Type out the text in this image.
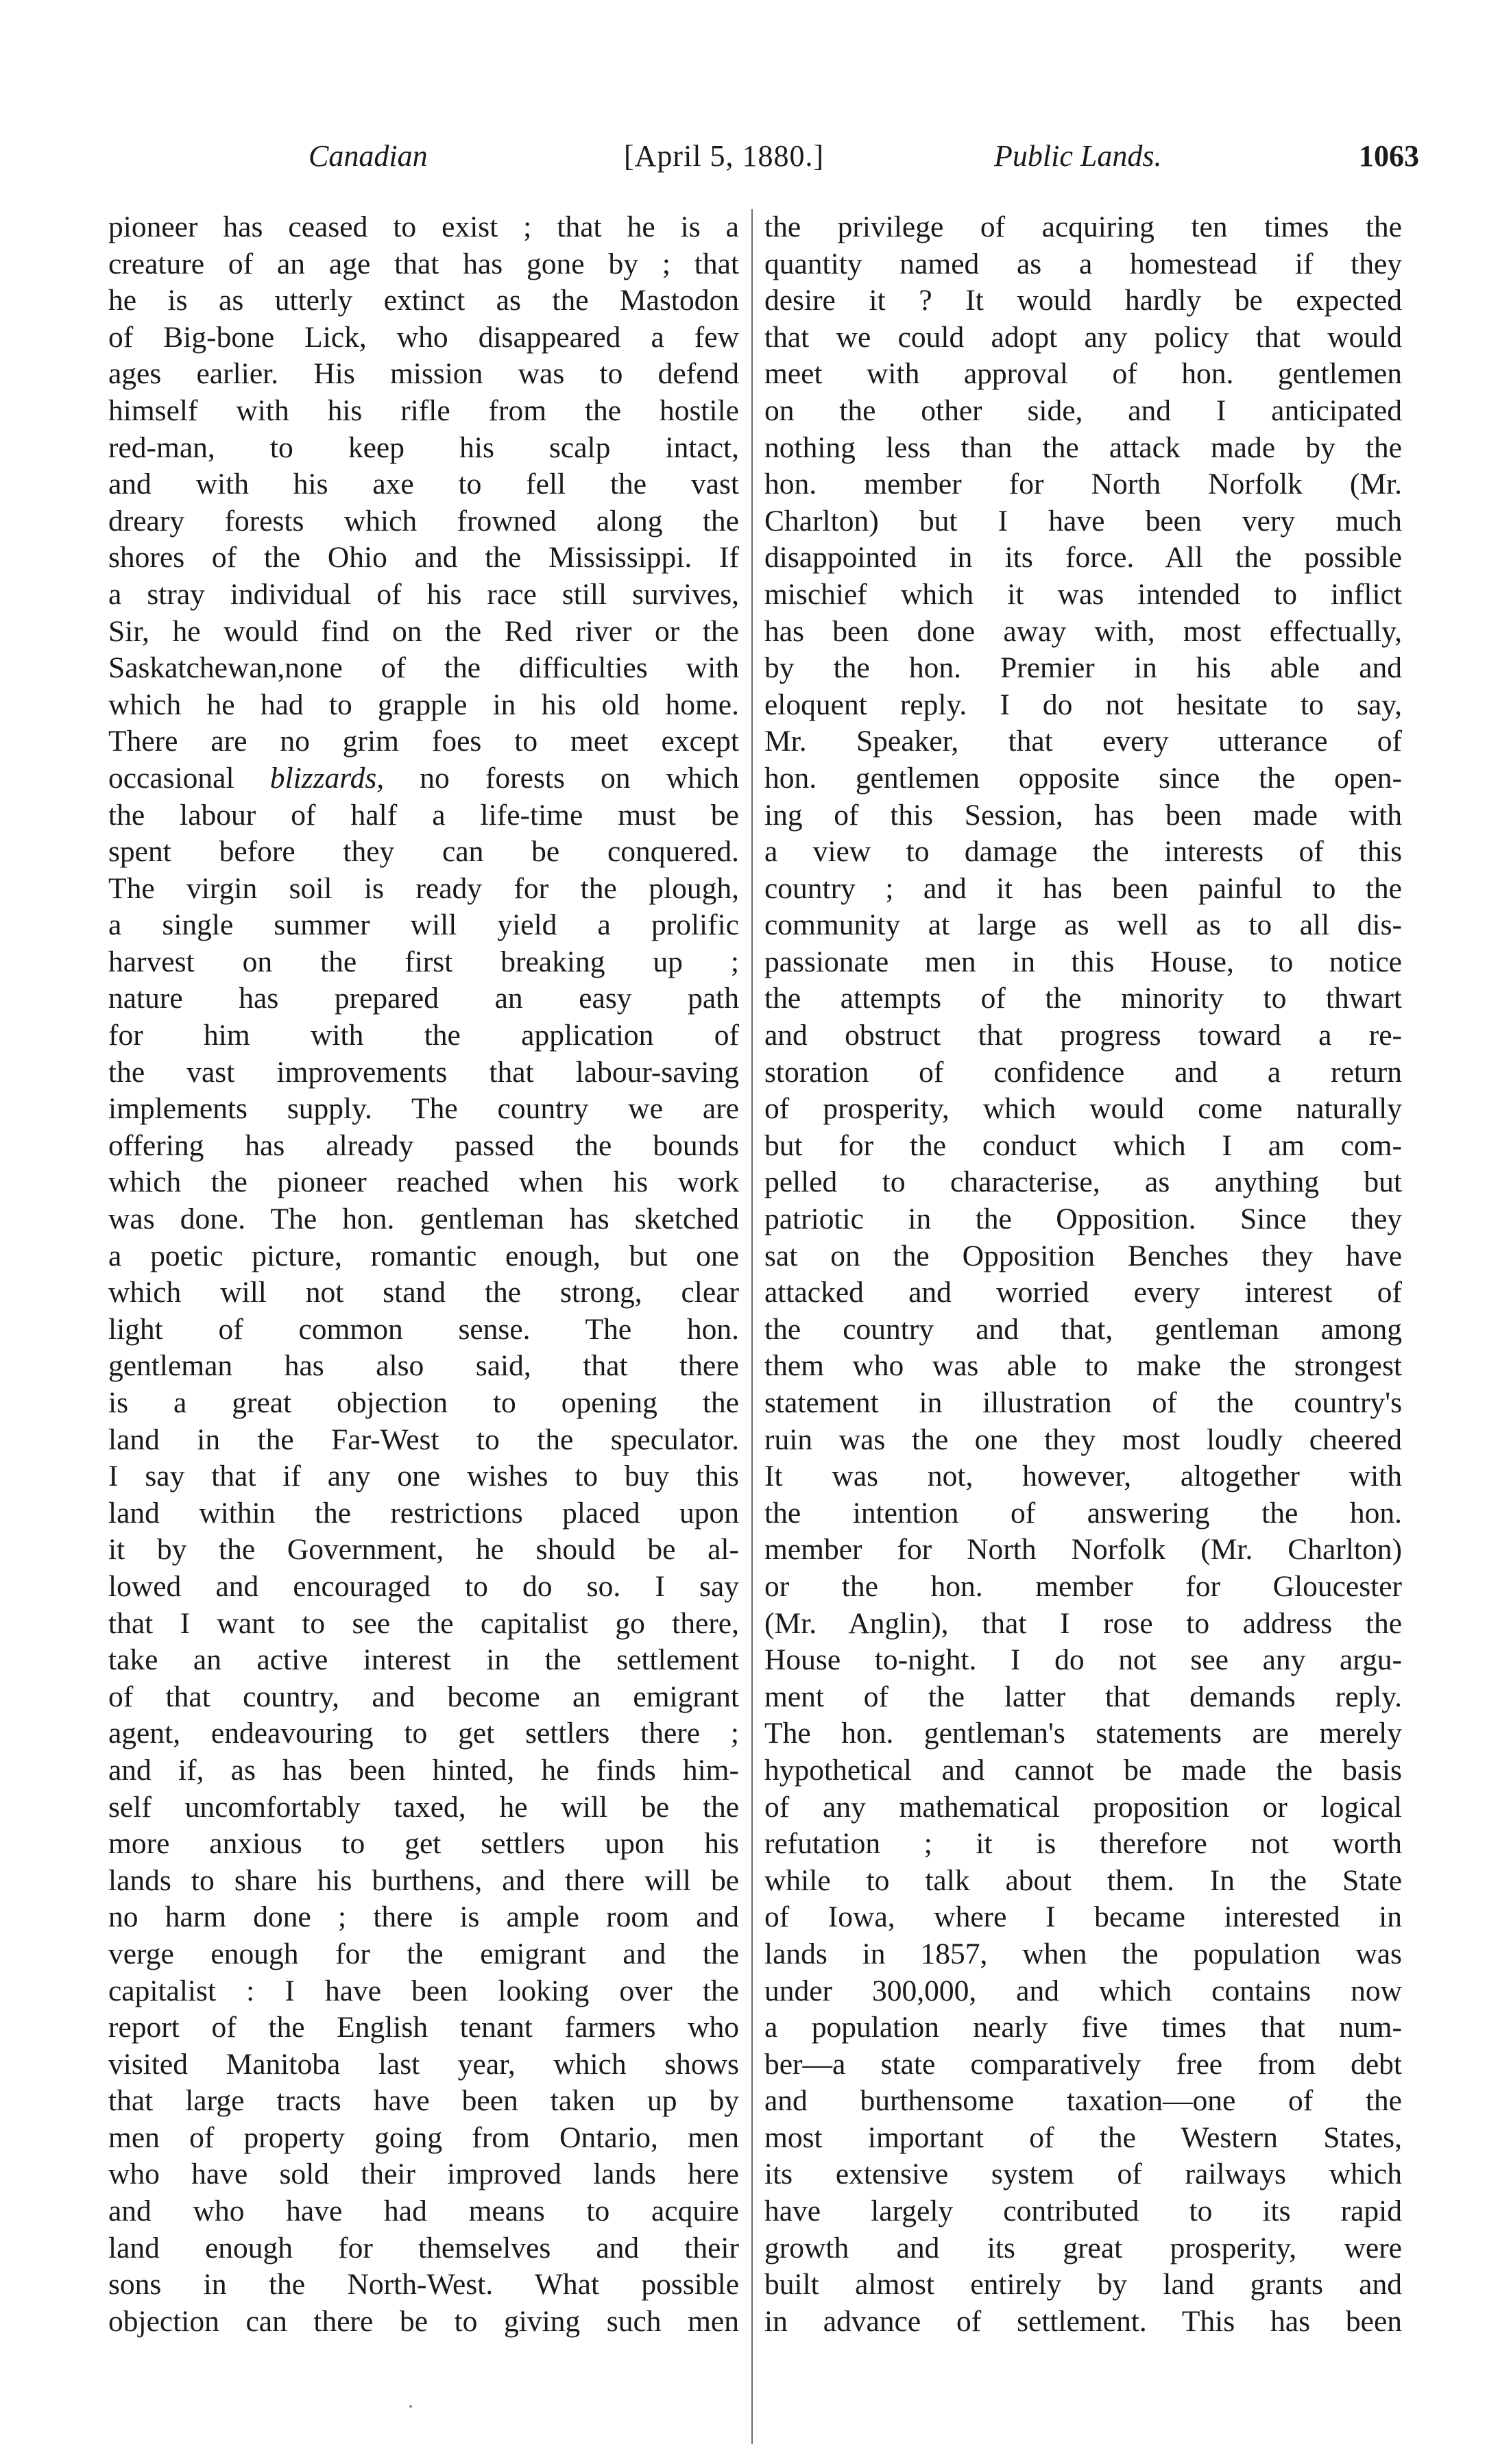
Canadian	[April 5, 1880.]	Public Lands.	1063
pioneer has ceased to exist ; that he is a
creature of an age that has gone by ; that
he is as utterly extinct as the Mastodon
of Big-bone Lick, who disappeared a few
ages earlier. His mission was to defend
himself with his rifle from the hostile
red-man, to keep his scalp intact,
and with his axe to fell the vast
dreary forests which frowned along the
shores of the Ohio and the Mississippi. If
a stray individual of his race still survives,
Sir, he would find on the Red river or the
Saskatchewan,none of the difficulties with
which he had to grapple in his old home.
There are no grim foes to meet except
occasional blizzards, no forests on which
the labour of half a life-time must be
spent before they can be conquered.
The virgin soil is ready for the plough,
a single summer will yield a prolific
harvest on the first breaking up ;
nature has prepared an easy path
for him with the application of
the vast improvements that labour-saving
implements supply. The country we are
offering has already passed the bounds
which the pioneer reached when his work
was done. The hon. gentleman has sketched
a poetic picture, romantic enough, but one
which will not stand the strong, clear
light of common sense. The hon.
gentleman has also said, that there
is a great objection to opening the
land in the Far-West to the speculator.
I say that if any one wishes to buy this
land within the restrictions placed upon
it by the Government, he should be al-
lowed and encouraged to do so. I say
that I want to see the capitalist go there,
take an active interest in the settlement
of that country, and become an emigrant
agent, endeavouring to get settlers there ;
and if, as has been hinted, he finds him-
self uncomfortably taxed, he will be the
more anxious to get settlers upon his
lands to share his burthens, and there will be
no harm done ; there is ample room and
verge enough for the emigrant and the
capitalist : I have been looking over the
report of the English tenant farmers who
visited Manitoba last year, which shows
that large tracts have been taken up by
men of property going from Ontario, men
who have sold their improved lands here
and who have had means to acquire
land enough for themselves and their
sons in the North-West. What possible
objection can there be to giving such men
the privilege of acquiring ten times the
quantity named as a homestead if they
desire it ? It would hardly be expected
that we could adopt any policy that would
meet with approval of hon. gentlemen
on the other side, and I anticipated
nothing less than the attack made by the
hon. member for North Norfolk (Mr.
Charlton) but I have been very much
disappointed in its force. All the possible
mischief which it was intended to inflict
has been done away with, most effectually,
by the hon. Premier in his able and
eloquent reply. I do not hesitate to say,
Mr. Speaker, that every utterance of
hon. gentlemen opposite since the open-
ing of this Session, has been made with
a view to damage the interests of this
country ; and it has been painful to the
community at large as well as to all dis-
passionate men in this House, to notice
the attempts of the minority to thwart
and obstruct that progress toward a re-
storation of confidence and a return
of prosperity, which would come naturally
but for the conduct which I am com-
pelled to characterise, as anything but
patriotic in the Opposition. Since they
sat on the Opposition Benches they have
attacked and worried every interest of
the country and that, gentleman among
them who was able to make the strongest
statement in illustration of the country's
ruin was the one they most loudly cheered
It was not, however, altogether with
the intention of answering the hon.
member for North Norfolk (Mr. Charlton)
or the hon. member for Gloucester
(Mr. Anglin), that I rose to address the
House to-night. I do not see any argu-
ment of the latter that demands reply.
The hon. gentleman's statements are merely
hypothetical and cannot be made the basis
of any mathematical proposition or logical
refutation ; it is therefore not worth
while to talk about them. In the State
of Iowa, where I became interested in
lands in 1857, when the population was
under 300,000, and which contains now
a population nearly five times that num-
ber—a state comparatively free from debt
and burthensome taxation—one of the
most important of the Western States,
its extensive system of railways which
have largely contributed to its rapid
growth and its great prosperity, were
built almost entirely by land grants and
in advance of settlement. This has been
